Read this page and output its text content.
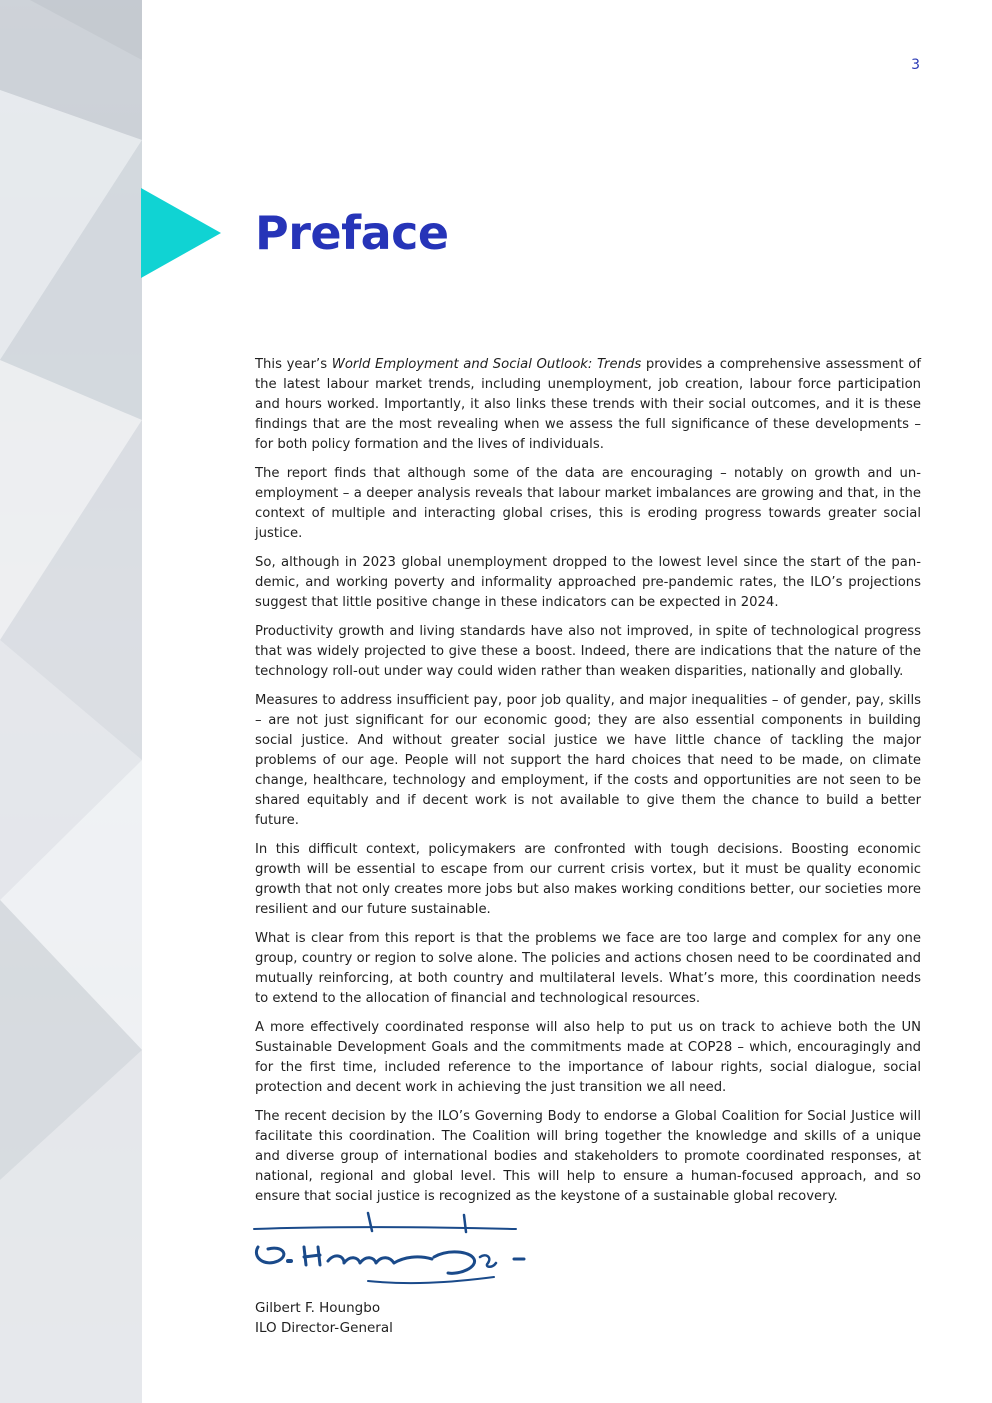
3
Preface

This year’s World Employment and Social Outlook: Trends provides a comprehensive assessment of the latest labour market trends, including unemployment, job creation, labour force participation and hours worked. Importantly, it also links these trends with their social outcomes, and it is these findings that are the most revealing when we assess the full significance of these developments – for both policy formation and the lives of individuals.

The report finds that although some of the data are encouraging – notably on growth and un-employment – a deeper analysis reveals that labour market imbalances are growing and that, in the context of multiple and interacting global crises, this is eroding progress towards greater social justice.

So, although in 2023 global unemployment dropped to the lowest level since the start of the pan-demic, and working poverty and informality approached pre-pandemic rates, the ILO’s projections suggest that little positive change in these indicators can be expected in 2024.

Productivity growth and living standards have also not improved, in spite of technological progress that was widely projected to give these a boost. Indeed, there are indications that the nature of the technology roll-out under way could widen rather than weaken disparities, nationally and globally.

Measures to address insufficient pay, poor job quality, and major inequalities – of gender, pay, skills – are not just significant for our economic good; they are also essential components in building social justice. And without greater social justice we have little chance of tackling the major problems of our age. People will not support the hard choices that need to be made, on climate change, healthcare, technology and employment, if the costs and opportunities are not seen to be shared equitably and if decent work is not available to give them the chance to build a better future.

In this difficult context, policymakers are confronted with tough decisions. Boosting economic growth will be essential to escape from our current crisis vortex, but it must be quality economic growth that not only creates more jobs but also makes working conditions better, our societies more resilient and our future sustainable.

What is clear from this report is that the problems we face are too large and complex for any one group, country or region to solve alone. The policies and actions chosen need to be coordinated and mutually reinforcing, at both country and multilateral levels. What’s more, this coordination needs to extend to the allocation of financial and technological resources.

A more effectively coordinated response will also help to put us on track to achieve both the UN Sustainable Development Goals and the commitments made at COP28 – which, encouragingly and for the first time, included reference to the importance of labour rights, social dialogue, social protection and decent work in achieving the just transition we all need.

The recent decision by the ILO’s Governing Body to endorse a Global Coalition for Social Justice will facilitate this coordination. The Coalition will bring together the knowledge and skills of a unique and diverse group of international bodies and stakeholders to promote coordinated responses, at national, regional and global level. This will help to ensure a human-focused approach, and so ensure that social justice is recognized as the keystone of a sustainable global recovery.

Gilbert F. Houngbo
ILO Director-General
